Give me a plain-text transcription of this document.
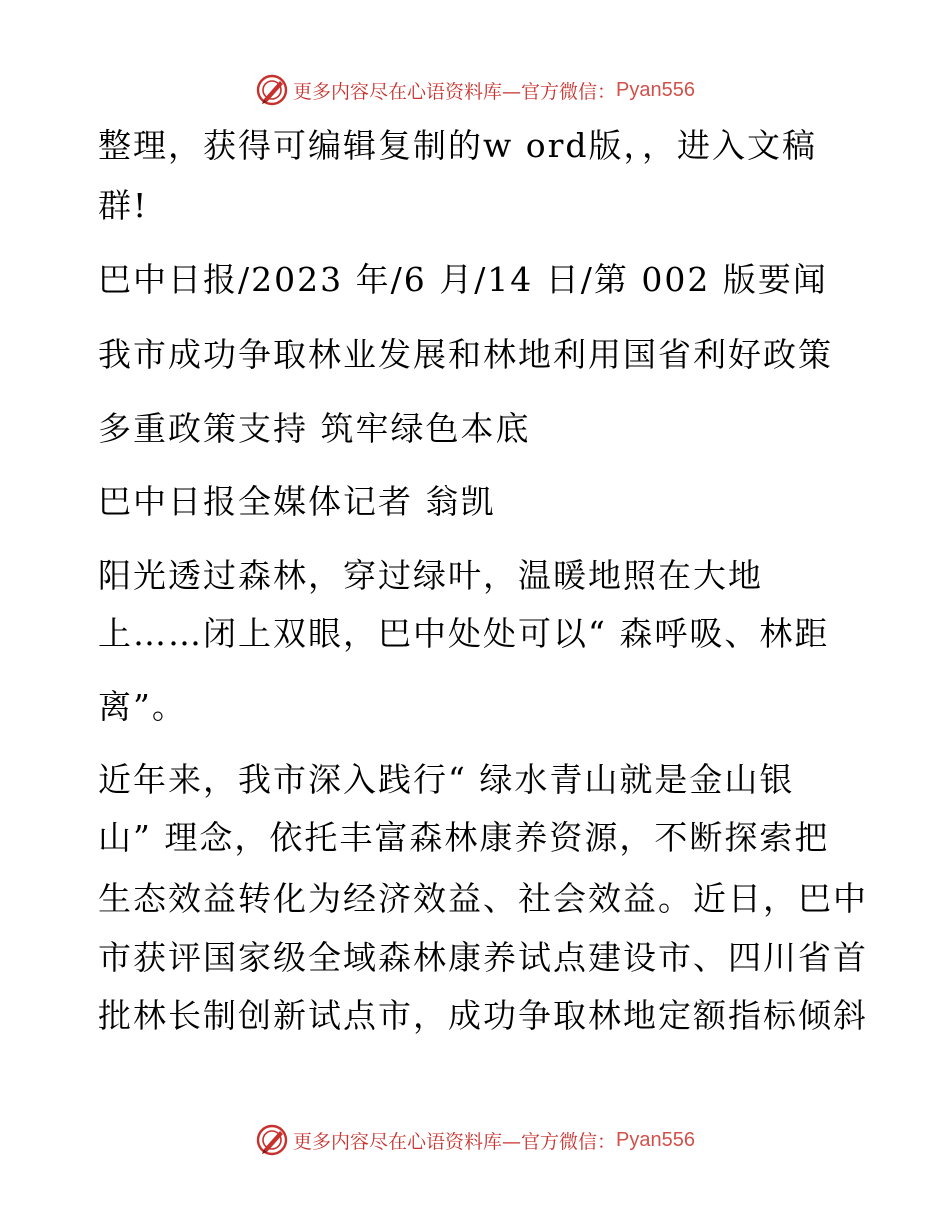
更多内容尽在心语资料库—官方微信： Pyan556
整理，获得可编辑复制的w ord版，，进入文稿
群!
巴中日报/2023 年/6 月/14 日/第 002 版要闻
我市成功争取林业发展和林地利用国省利好政策
多重政策支持 筑牢绿色本底
巴中日报全媒体记者 翁凯
阳光透过森林，穿过绿叶，温暖地照在大地
上……闭上双眼，巴中处处可以“ 森呼吸、林距
离”。
近年来，我市深入践行“ 绿水青山就是金山银
山” 理念，依托丰富森林康养资源，不断探索把
生态效益转化为经济效益、社会效益。近日，巴中
市获评国家级全域森林康养试点建设市、四川省首
批林长制创新试点市，成功争取林地定额指标倾斜
更多内容尽在心语资料库—官方微信： Pyan556
